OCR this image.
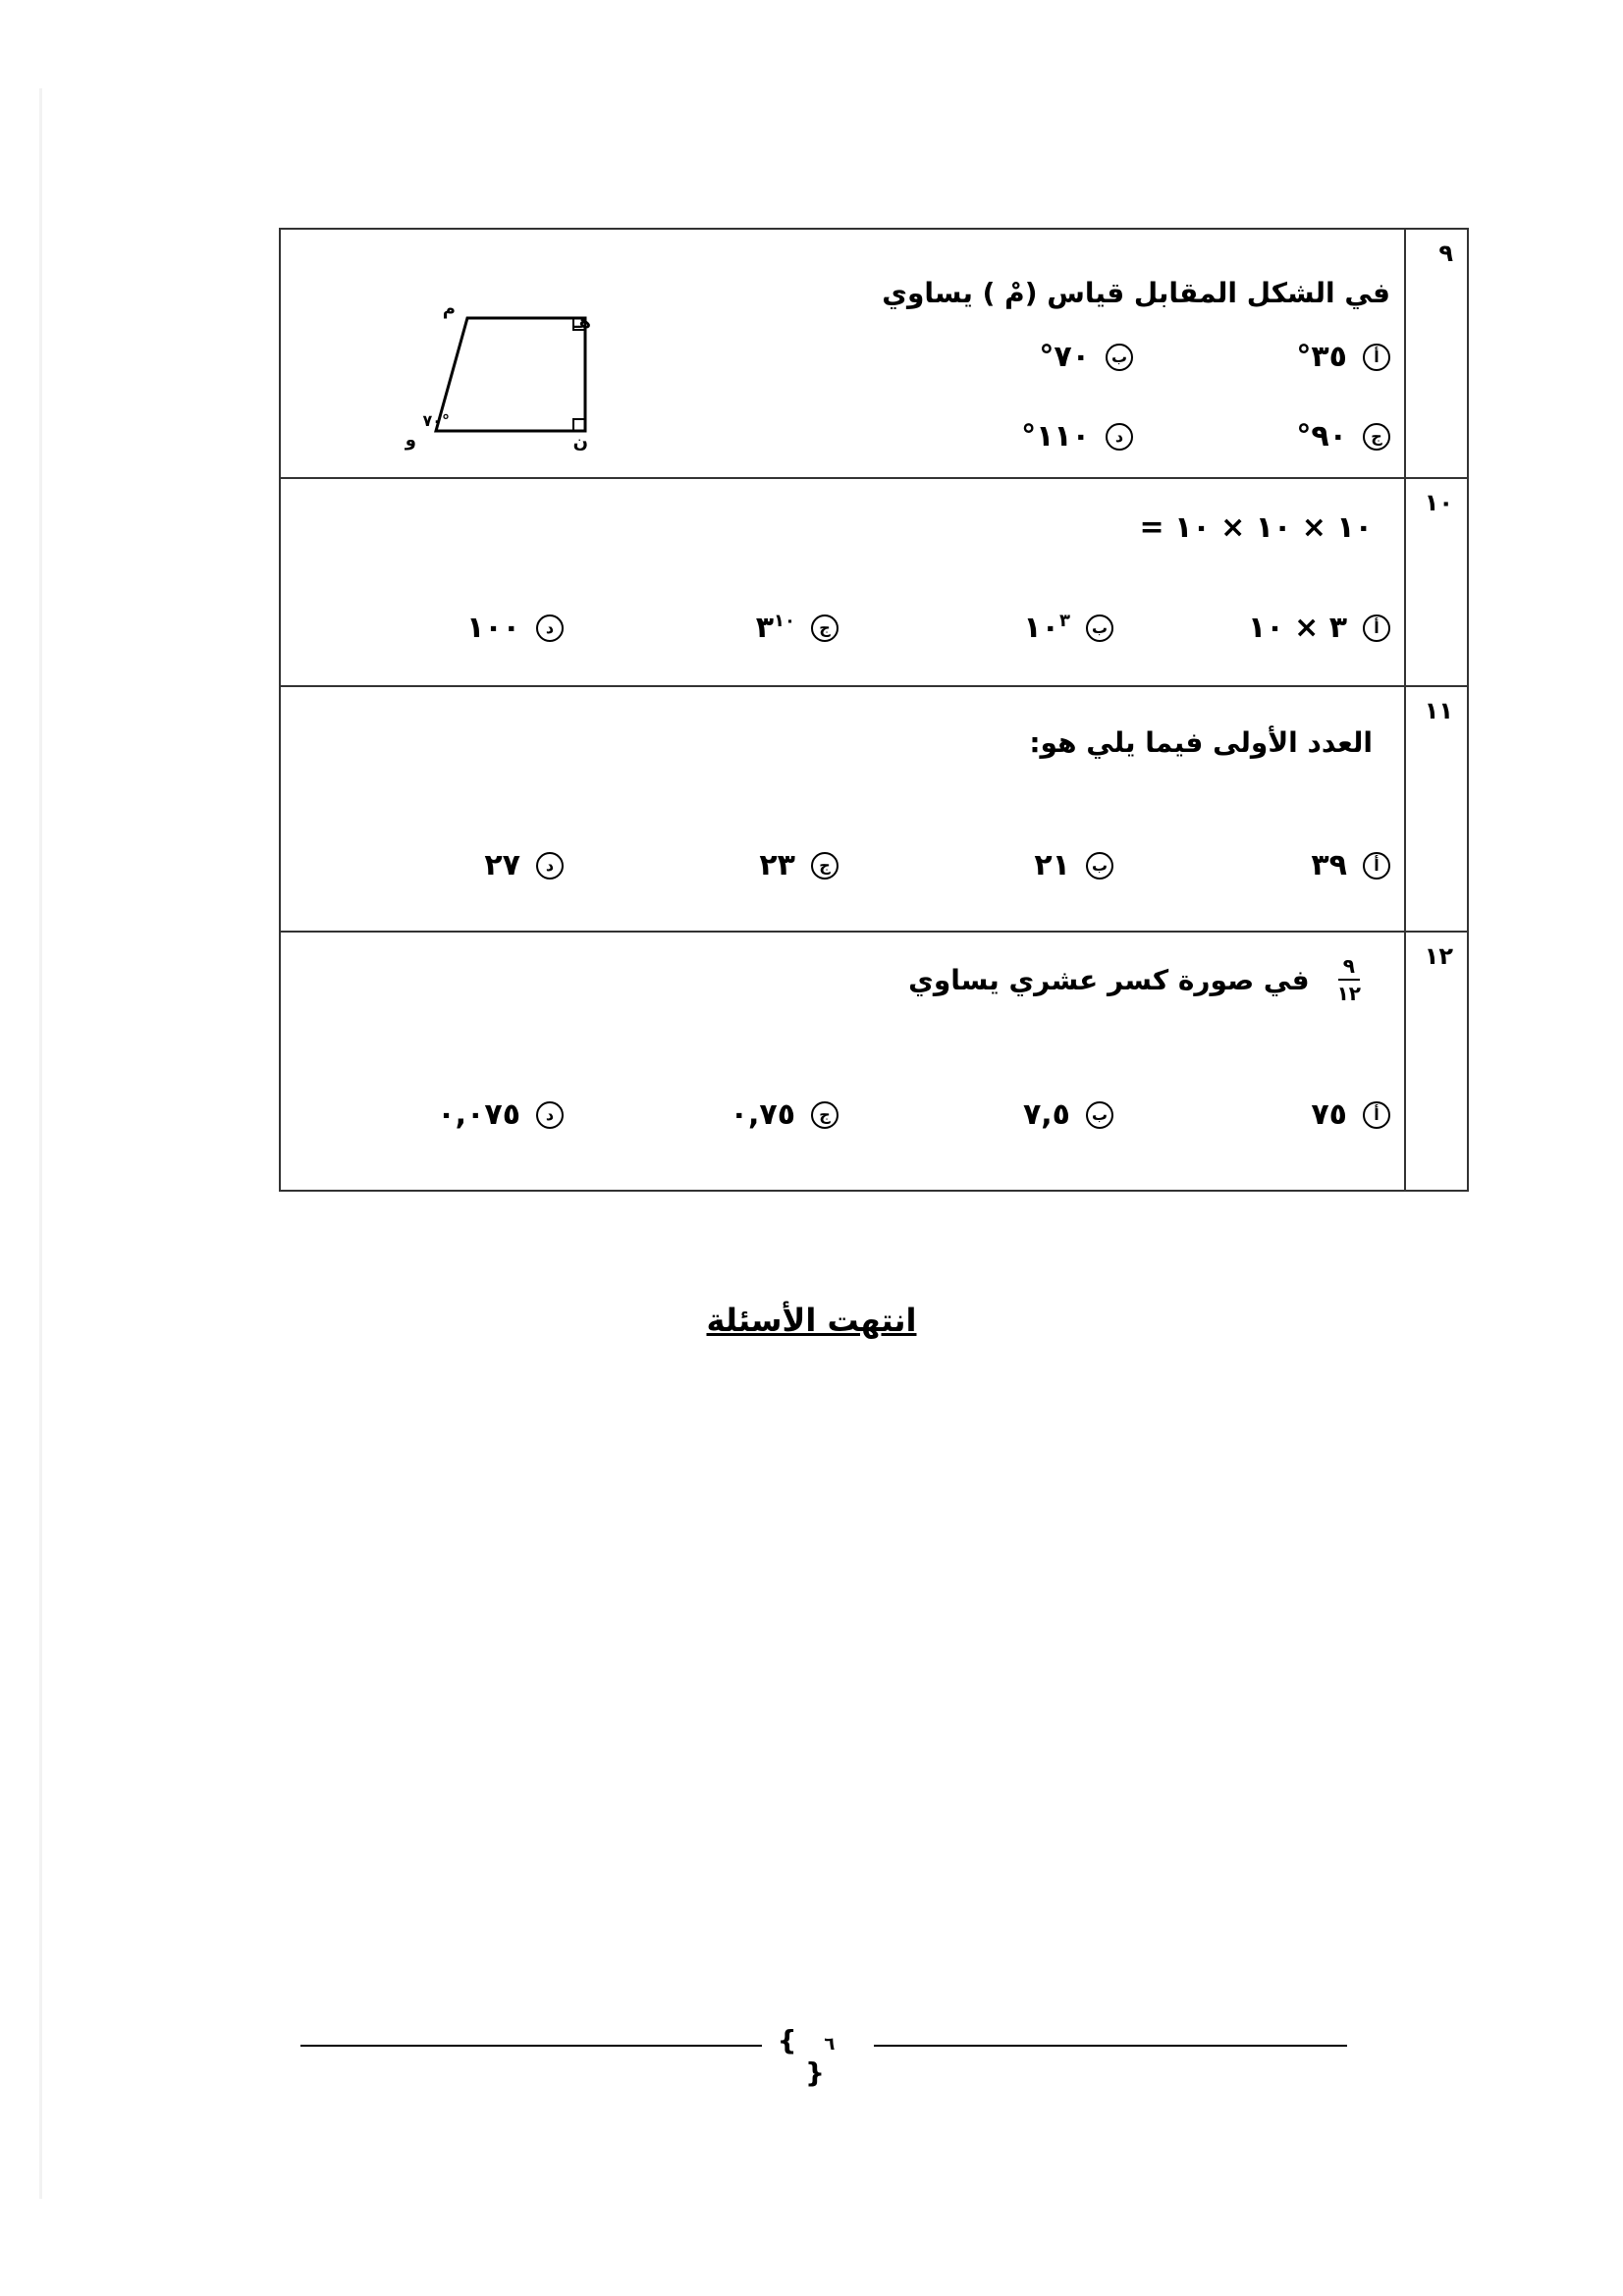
٩
في الشكل المقابل قياس (مْ ) يساوي
أ
٣٥°
ب
٧٠°
ج
٩٠°
د
١١٠°
م
هـ
ن
و
°٧٠
١٠
١٠ × ١٠ × ١٠ =
أ
٣ × ١٠
ب
$١٠^٣$
ج
$٣^{١٠}$
د
١٠٠
١١
العدد الأولى فيما يلي هو:
أ
٣٩
ب
٢١
ج
٢٣
د
٢٧
١٢
$\frac{٩}{١٢}$
في صورة كسر عشري يساوي
أ
٧٥
ب
٧,٥
ج
٠,٧٥
د
٠,٠٧٥
انتهت الأسئلة
{ ٦ }
